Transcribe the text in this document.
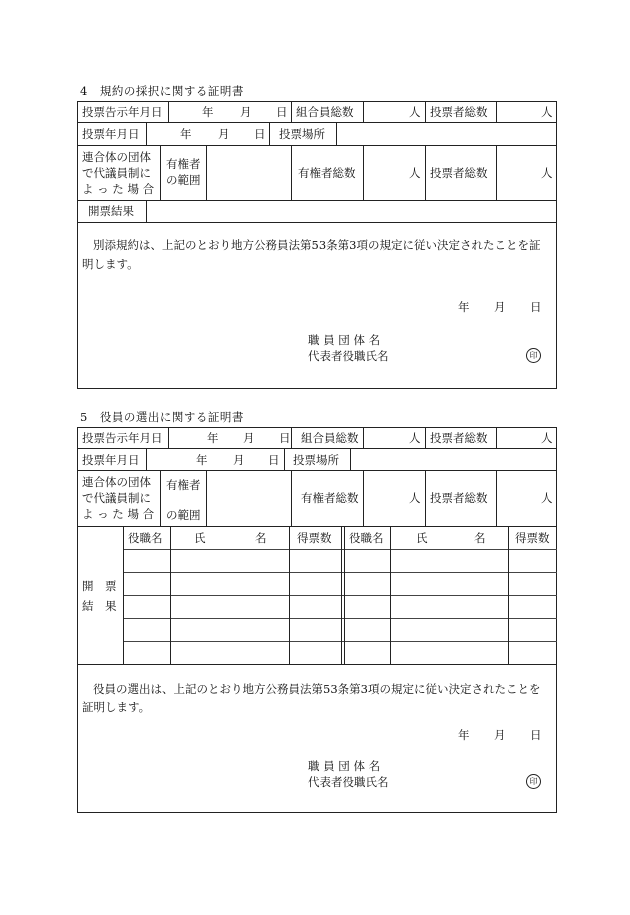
4　規約の採択に関する証明書
投票告示年月日	年 月 日 組合員総数	人 投票者総数	人
投票年月日	年 月 日 投票場所
連合体の団体
で代議員制に
よ っ た 場 合
有権者
の範囲	有権者総数	人 投票者総数	人
開票結果
別添規約は、上記のとおり地方公務員法第53条第3項の規定に従い決定されたことを証
明します。
年 月 日
職 員 団 体 名
代表者役職氏名	印
5　役員の選出に関する証明書
投票告示年月日	年 月 日 組合員総数	人 投票者総数	人
投票年月日	年 月 日 投票場所
連合体の団体
で代議員制に
よ っ た 場 合
有権者
の範囲
有権者総数	人 投票者総数	人
開　票
結　果
役職名	氏	名	得票数 役職名	氏	名	得票数
役員の選出は、上記のとおり地方公務員法第53条第3項の規定に従い決定されたことを
証明します。
年 月 日
職 員 団 体 名
代表者役職氏名	印
